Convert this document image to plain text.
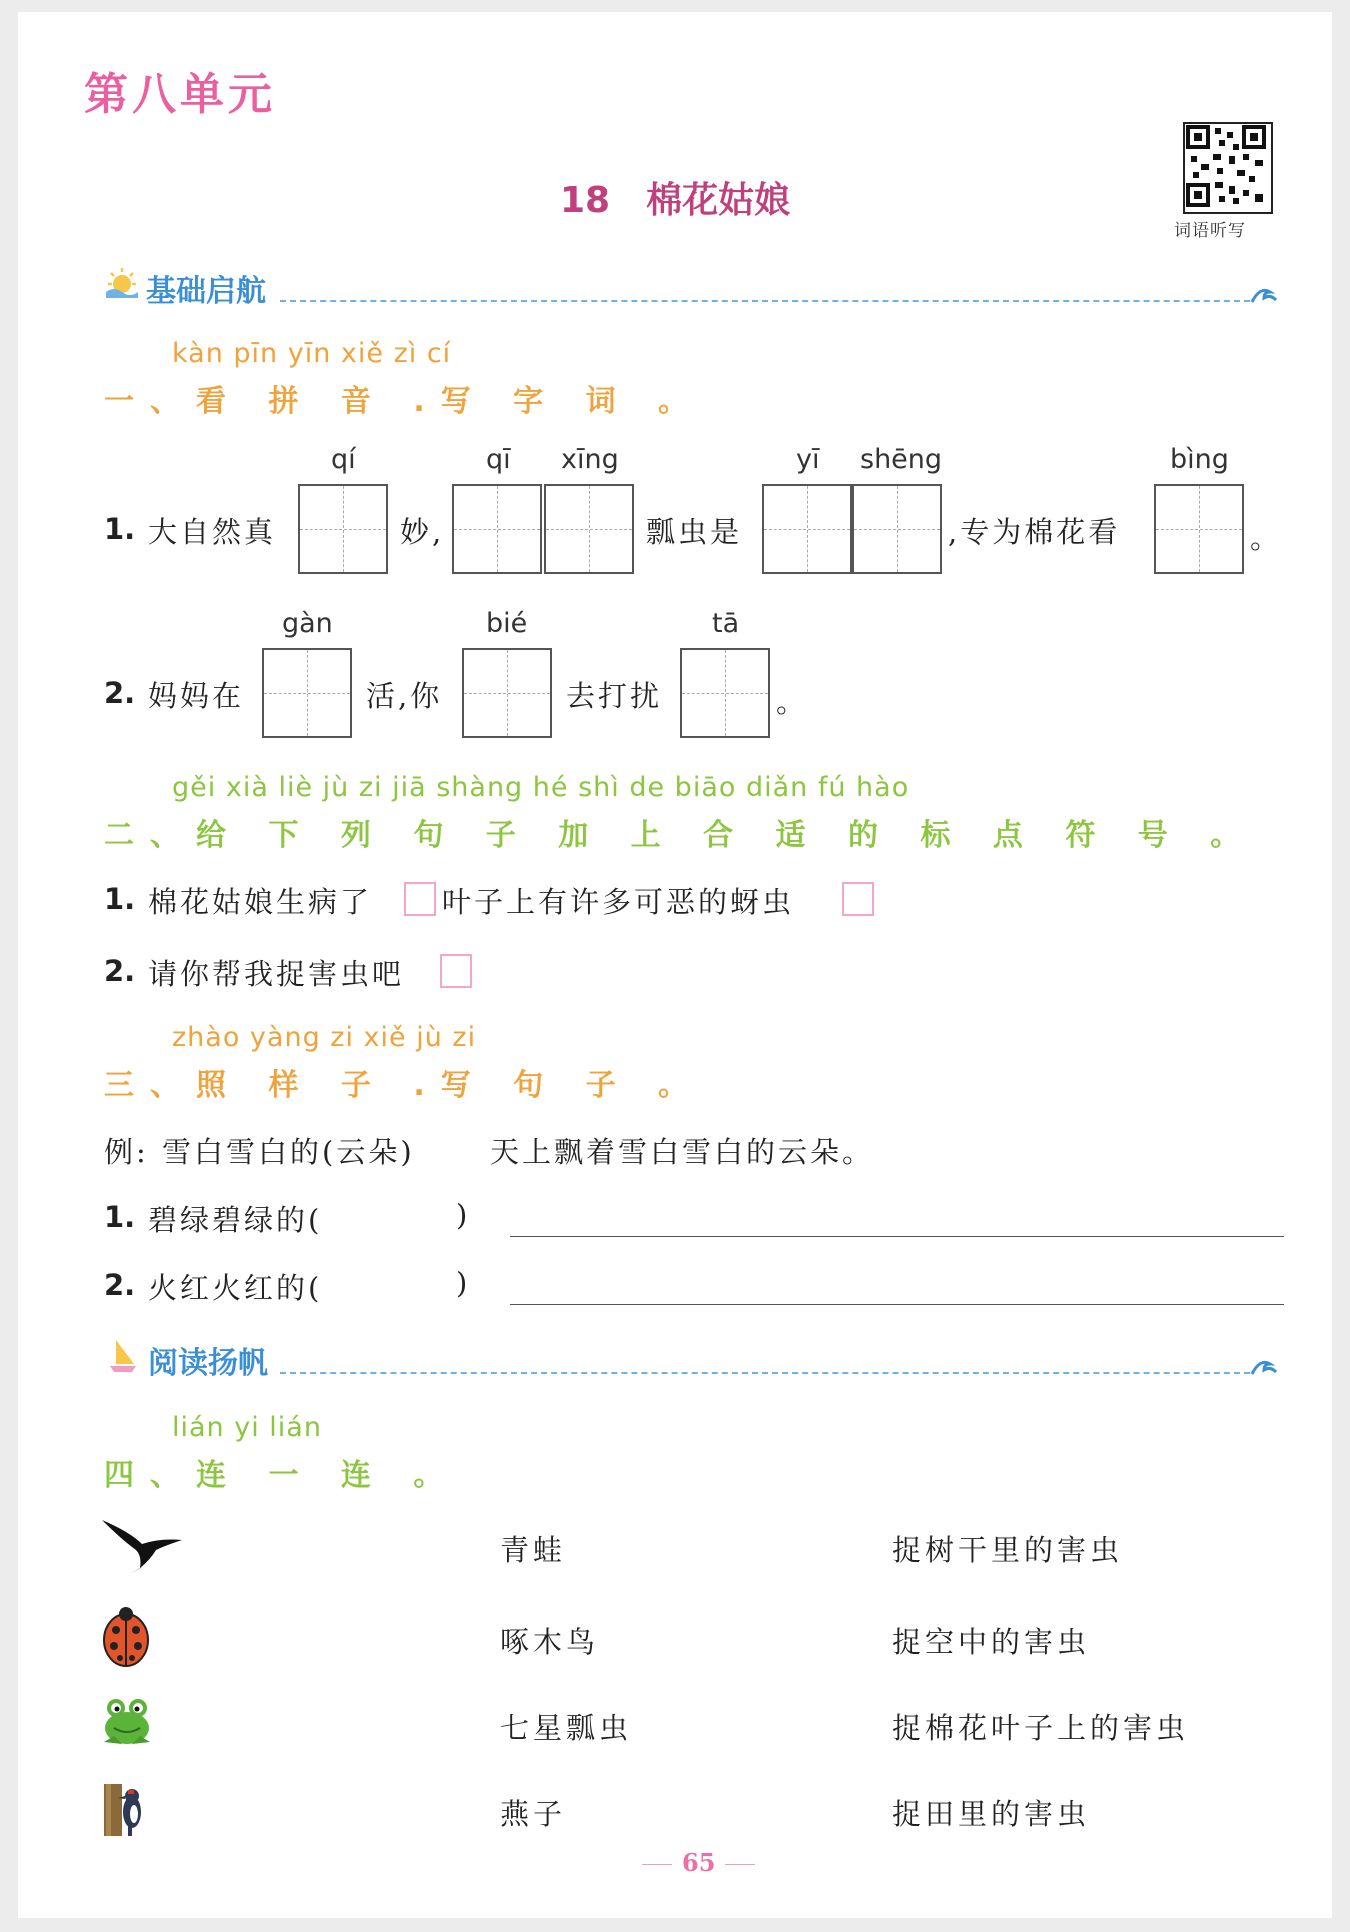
第八单元
18 棉花姑娘
词语听写
基础启航
kàn pīn yīn xiě zì cí
一、看 拼 音 .写 字 词 。
qí	qī xīng	yī shēng	bìng
1. 大自然真	妙,	瓢虫是	,专为棉花看	。
gàn	bié	tā
2. 妈妈在	活,你	去打扰	。
gěi xià liè jù zi jiā shàng hé shì de biāo diǎn fú hào
二、给 下 列 句 子 加 上 合 适 的 标 点 符 号 。
1. 棉花姑娘生病了 叶子上有许多可恶的蚜虫
2. 请你帮我捉害虫吧
zhào yàng zi xiě jù zi
三、照 样 子 .写 句 子 。
例: 雪白雪白的(云朵)	天上飘着雪白雪白的云朵。
1. 碧绿碧绿的(	)
2. 火红火红的(	)
阅读扬帆
lián yi lián
四、连 一 连 。
青蛙
啄木鸟
七星瓢虫
燕子
捉树干里的害虫
捉空中的害虫
捉棉花叶子上的害虫
捉田里的害虫
65
